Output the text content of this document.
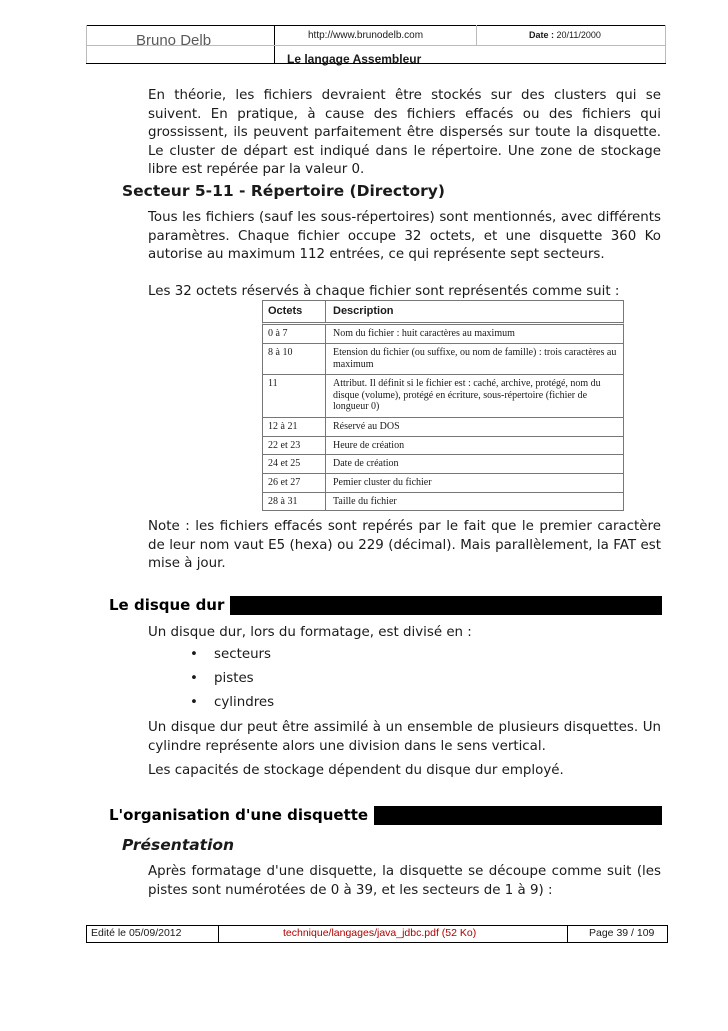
Bruno Delb	http://www.brunodelb.com	Date : 20/11/2000
Le langage Assembleur
En théorie, les fichiers devraient être stockés sur des clusters qui se suivent. En pratique, à cause des fichiers effacés ou des fichiers qui grossissent, ils peuvent parfaitement être dispersés sur toute la disquette. Le cluster de départ est indiqué dans le répertoire. Une zone de stockage libre est repérée par la valeur 0.
Secteur 5-11 - Répertoire (Directory)
Tous les fichiers (sauf les sous-répertoires) sont mentionnés, avec différents paramètres. Chaque fichier occupe 32 octets, et une disquette 360 Ko autorise au maximum 112 entrées, ce qui représente sept secteurs.
Les 32 octets réservés à chaque fichier sont représentés comme suit :
Octets	Description
0 à 7	Nom du fichier : huit caractères au maximum
8 à 10	Etension du fichier (ou suffixe, ou nom de famille) : trois caractères au maximum
11	Attribut. Il définit si le fichier est : caché, archive, protégé, nom du disque (volume), protégé en écriture, sous-répertoire (fichier de longueur 0)
12 à 21	Réservé au DOS
22 et 23	Heure de création
24 et 25	Date de création
26 et 27	Pemier cluster du fichier
28 à 31	Taille du fichier
Note : les fichiers effacés sont repérés par le fait que le premier caractère de leur nom vaut E5 (hexa) ou 229 (décimal). Mais parallèlement, la FAT est mise à jour.
Le disque dur
Un disque dur, lors du formatage, est divisé en :
• secteurs
• pistes
• cylindres
Un disque dur peut être assimilé à un ensemble de plusieurs disquettes. Un cylindre représente alors une division dans le sens vertical.
Les capacités de stockage dépendent du disque dur employé.
L'organisation d'une disquette
Présentation
Après formatage d'une disquette, la disquette se découpe comme suit (les pistes sont numérotées de 0 à 39, et les secteurs de 1 à 9) :
Edité le 05/09/2012	technique/langages/java_jdbc.pdf (52 Ko)	Page 39 / 109
